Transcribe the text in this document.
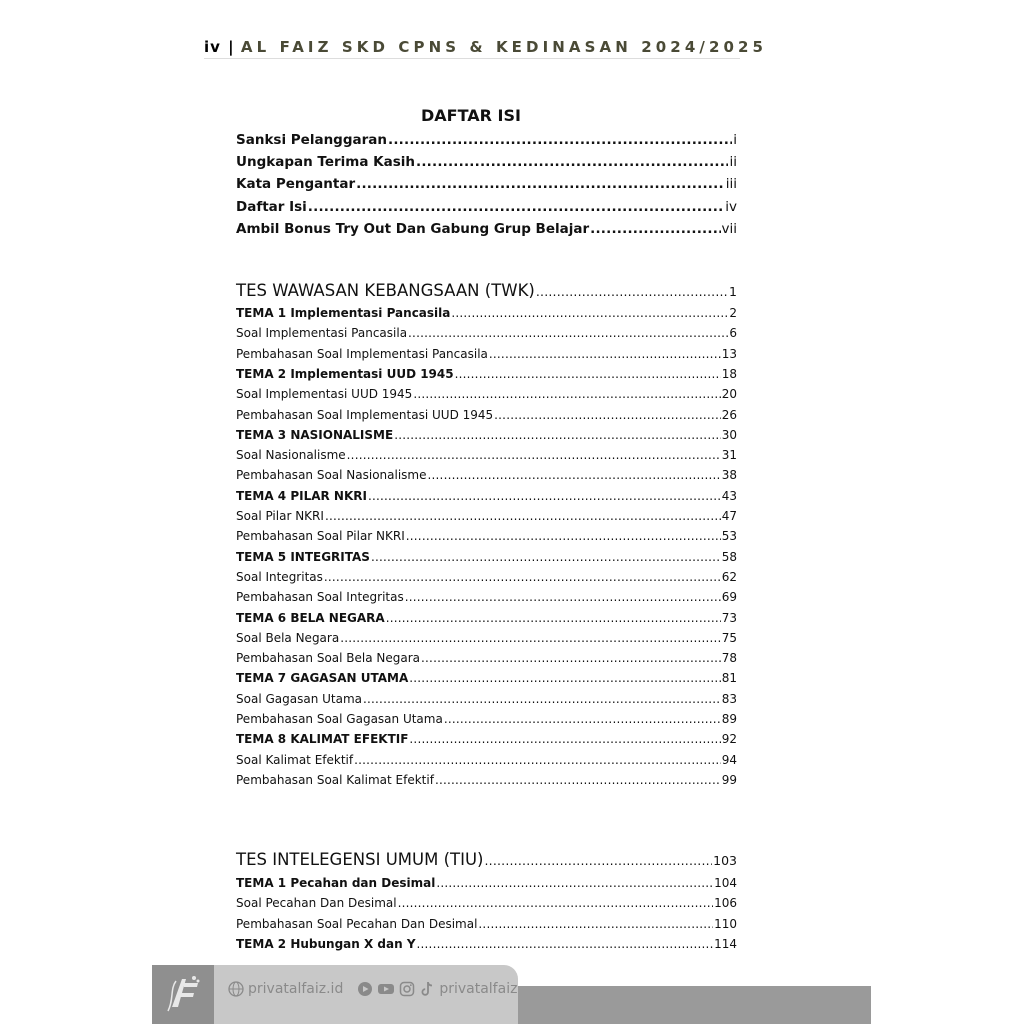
iv | AL FAIZ SKD CPNS & KEDINASAN 2024/2025
DAFTAR ISI
Sanksi Pelanggaran .....	i
Ungkapan Terima Kasih .....	ii
Kata Pengantar .....	iii
Daftar Isi .....	iv
Ambil Bonus Try Out Dan Gabung Grup Belajar .....	vii
TES WAWASAN KEBANGSAAN (TWK) .....	1
TEMA 1 Implementasi Pancasila .....	2
Soal Implementasi Pancasila .....	6
Pembahasan Soal Implementasi Pancasila .....	13
TEMA 2 Implementasi UUD 1945 .....	18
Soal Implementasi UUD 1945 .....	20
Pembahasan Soal Implementasi UUD 1945 .....	26
TEMA 3 NASIONALISME .....	30
Soal Nasionalisme .....	31
Pembahasan Soal Nasionalisme .....	38
TEMA 4 PILAR NKRI .....	43
Soal Pilar NKRI .....	47
Pembahasan Soal Pilar NKRI .....	53
TEMA 5 INTEGRITAS .....	58
Soal Integritas .....	62
Pembahasan Soal Integritas .....	69
TEMA 6 BELA NEGARA .....	73
Soal Bela Negara .....	75
Pembahasan Soal Bela Negara .....	78
TEMA 7 GAGASAN UTAMA .....	81
Soal Gagasan Utama .....	83
Pembahasan Soal Gagasan Utama .....	89
TEMA 8 KALIMAT EFEKTIF .....	92
Soal Kalimat Efektif .....	94
Pembahasan Soal Kalimat Efektif .....	99
TES INTELEGENSI UMUM (TIU) .....	103
TEMA 1 Pecahan dan Desimal .....	104
Soal Pecahan Dan Desimal .....	106
Pembahasan Soal Pecahan Dan Desimal .....	110
TEMA 2 Hubungan X dan Y .....	114
privatalfaiz.id	privatalfaiz
